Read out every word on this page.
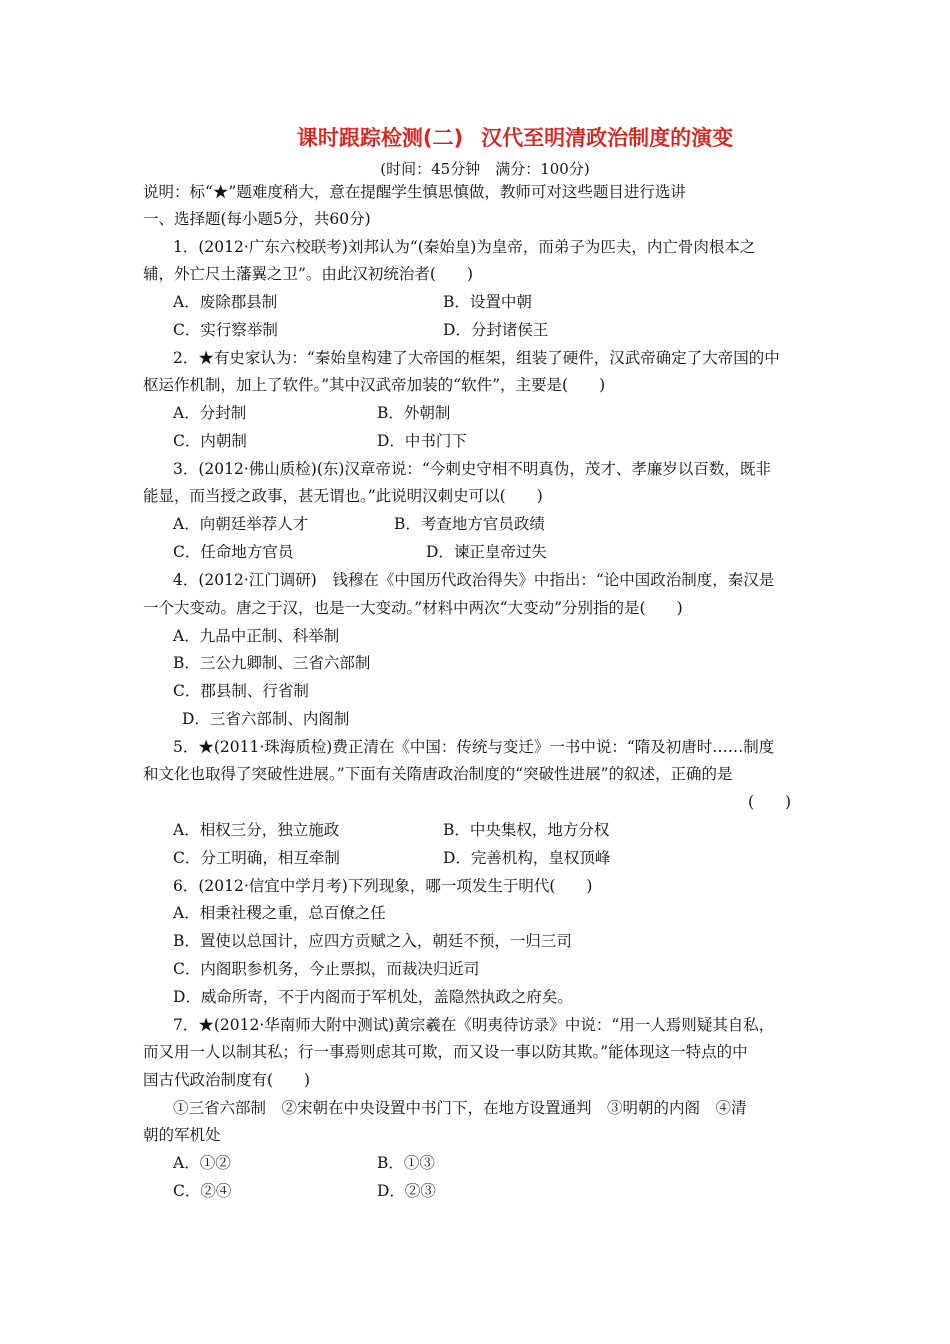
课时跟踪检测(二) 汉代至明清政治制度的演变
(时间：45分钟　满分：100分)
说明：标“★”题难度稍大，意在提醒学生慎思慎做，教师可对这些题目进行选讲
一、选择题(每小题5分，共60分)
1．(2012·广东六校联考)刘邦认为“(秦始皇)为皇帝，而弟子为匹夫，内亡骨肉根本之
辅，外亡尺土藩翼之卫”。由此汉初统治者(　　)
A．废除郡县制	B．设置中朝
C．实行察举制	D．分封诸侯王
2．★有史家认为：“秦始皇构建了大帝国的框架，组装了硬件，汉武帝确定了大帝国的中
枢运作机制，加上了软件。”其中汉武帝加装的“软件”，主要是(　　)
A．分封制	B．外朝制
C．内朝制	D．中书门下
3．(2012·佛山质检)(东)汉章帝说：“今刺史守相不明真伪，茂才、孝廉岁以百数，既非
能显，而当授之政事，甚无谓也。”此说明汉刺史可以(　　)
A．向朝廷举荐人才	B．考查地方官员政绩
C．任命地方官员	D．谏正皇帝过失
4．(2012·江门调研)　钱穆在《中国历代政治得失》中指出：“论中国政治制度，秦汉是
一个大变动。唐之于汉，也是一大变动。”材料中两次“大变动”分别指的是(　　)
A．九品中正制、科举制
B．三公九卿制、三省六部制
C．郡县制、行省制
D．三省六部制、内阁制
5．★(2011·珠海质检)费正清在《中国：传统与变迁》一书中说：“隋及初唐时……制度
和文化也取得了突破性进展。”下面有关隋唐政治制度的“突破性进展”的叙述，正确的是
(　　)
A．相权三分，独立施政	B．中央集权，地方分权
C．分工明确，相互牵制	D．完善机构，皇权顶峰
6．(2012·信宜中学月考)下列现象，哪一项发生于明代(　　)
A．相秉社稷之重，总百僚之任
B．置使以总国计，应四方贡赋之入，朝廷不预，一归三司
C．内阁职参机务，今止票拟，而裁决归近司
D．威命所寄，不于内阁而于军机处，盖隐然执政之府矣。
7．★(2012·华南师大附中测试)黄宗羲在《明夷待访录》中说：“用一人焉则疑其自私，
而又用一人以制其私；行一事焉则虑其可欺，而又设一事以防其欺。”能体现这一特点的中
国古代政治制度有(　　)
①三省六部制　②宋朝在中央设置中书门下，在地方设置通判　③明朝的内阁　④清
朝的军机处
A．①②	B．①③
C．②④	D．②③
